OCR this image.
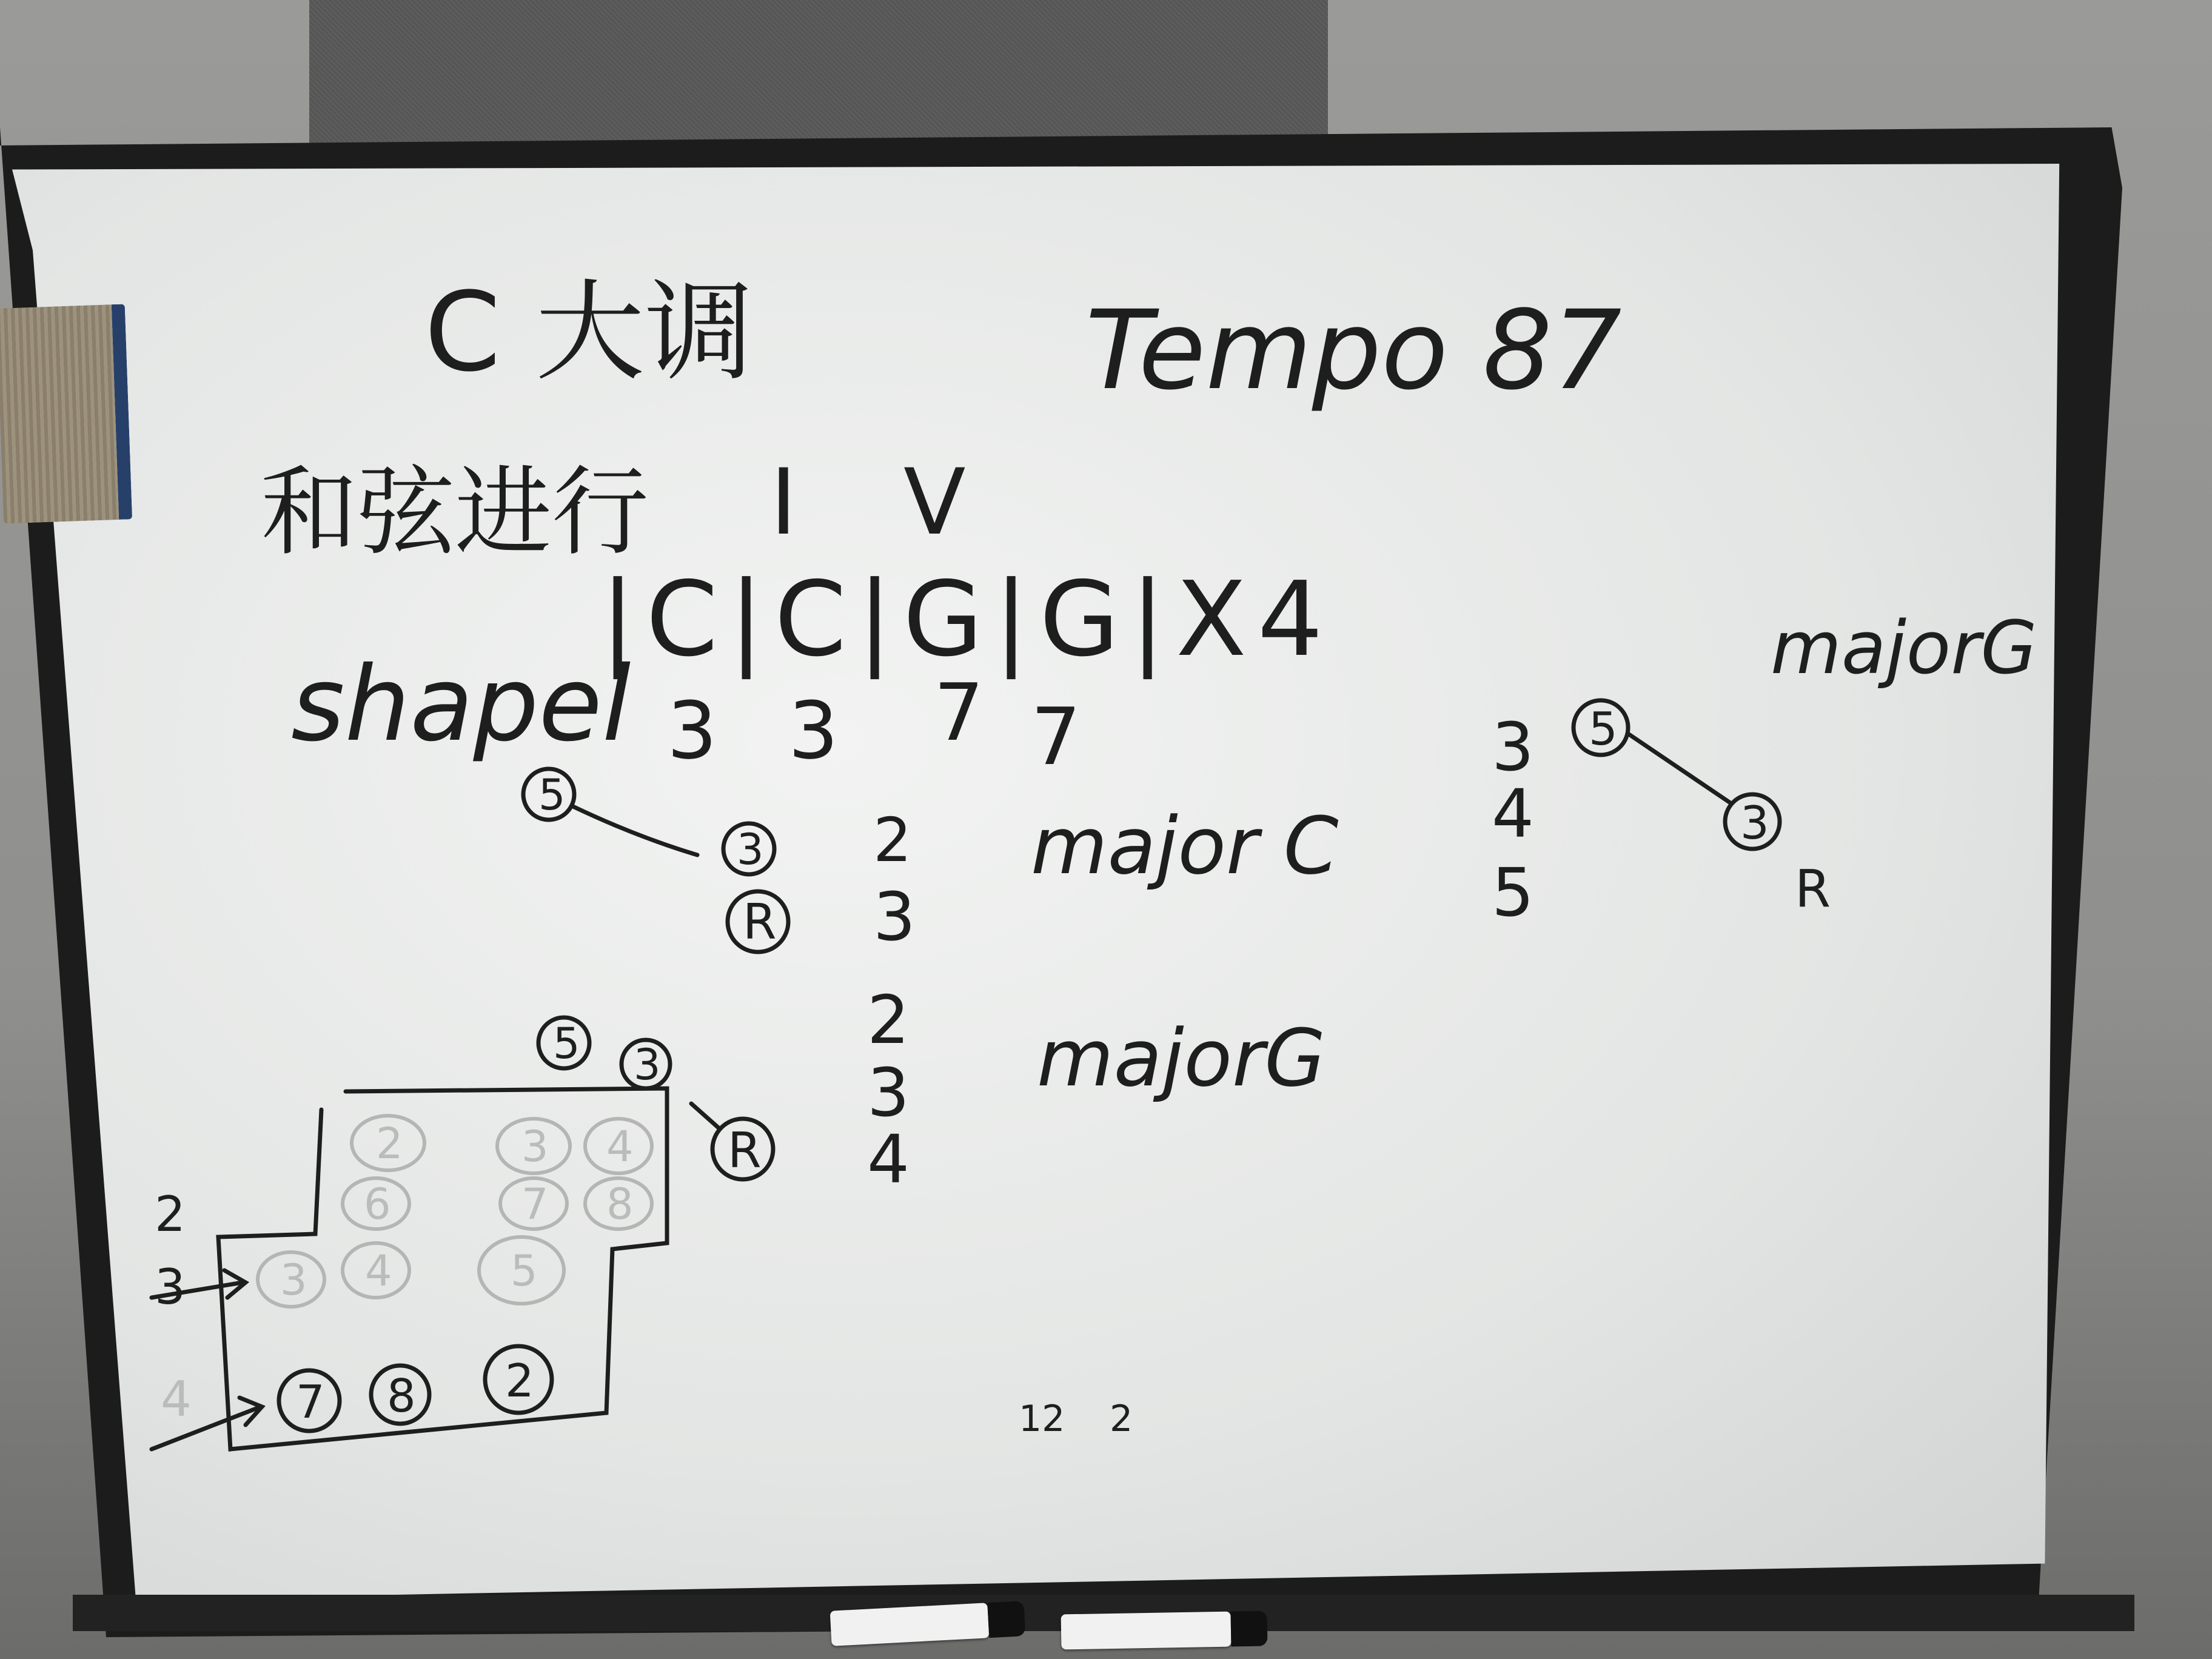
C 大调	Tempo 87
和弦进行 I V
|C|C|G|G|X4
shapel 3 3 7 7
5
3
R
2
3
major C
2
3
4
majorG
majorG
3
4
5
5
3
R
5 3
R
2	3 4
6	7 8
3 4	5
7 8 2
2
3
4	12 2
